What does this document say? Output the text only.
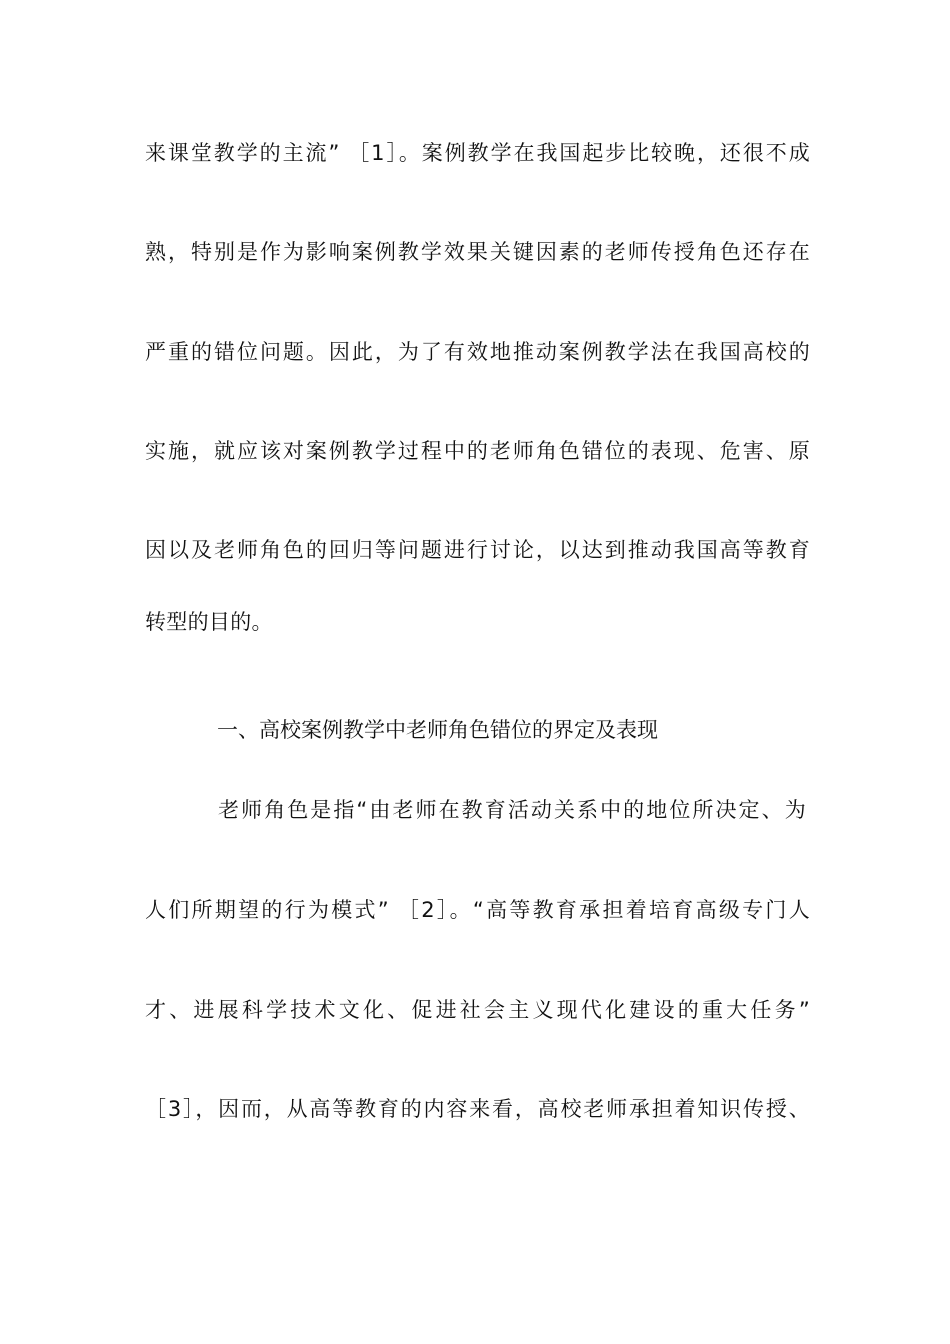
来课堂教学的主流” ［1］。案例教学在我国起步比较晚，还很不成
熟，特别是作为影响案例教学效果关键因素的老师传授角色还存在
严重的错位问题。因此，为了有效地推动案例教学法在我国高校的
实施，就应该对案例教学过程中的老师角色错位的表现、危害、原
因以及老师角色的回归等问题进行讨论，以达到推动我国高等教育
转型的目的。
一、高校案例教学中老师角色错位的界定及表现
老师角色是指“由老师在教育活动关系中的地位所决定、为
人们所期望的行为模式” ［2］。“高等教育承担着培育高级专门人
才、进展科学技术文化、促进社会主义现代化建设的重大任务”
［3］，因而，从高等教育的内容来看，高校老师承担着知识传授、
